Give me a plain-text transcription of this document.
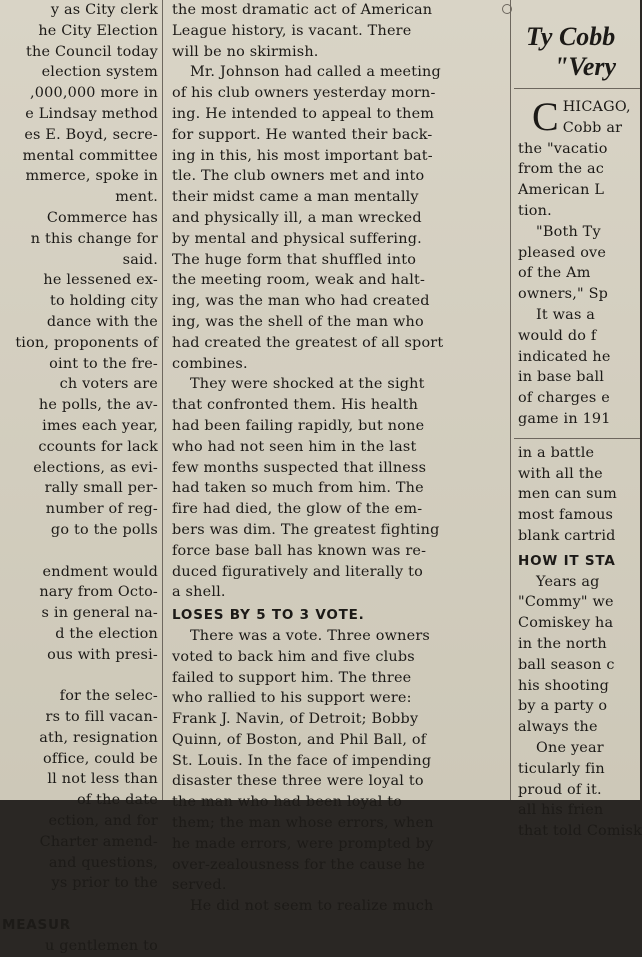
y as City clerk
he City Election
the Council today
election system
,000,000 more in
e Lindsay method
es E. Boyd, secre-
mental committee
mmerce, spoke in
ment.
Commerce has
n this change for
said.
he lessened ex-
to holding city
dance with the
tion, proponents of
oint to the fre-
ch voters are
he polls, the av-
imes each year,
ccounts for lack
elections, as evi-
rally small per-
number of reg-
go to the polls

endment would
nary from Octo-
s in general na-
d the election
ous with presi-

for the selec-
rs to fill vacan-
ath, resignation
office, could be
ll not less than
of the date
ection, and for
Charter amend-
and questions,
ys prior to the

MEASUR
u gentlemen to
the most dramatic act of American
League history, is vacant. There
will be no skirmish.
Mr. Johnson had called a meeting
of his club owners yesterday morn-
ing. He intended to appeal to them
for support. He wanted their back-
ing in this, his most important bat-
tle. The club owners met and into
their midst came a man mentally
and physically ill, a man wrecked
by mental and physical suffering.
The huge form that shuffled into
the meeting room, weak and halt-
ing, was the man who had created
ing, was the shell of the man who
had created the greatest of all sport
combines.
They were shocked at the sight
that confronted them. His health
had been failing rapidly, but none
who had not seen him in the last
few months suspected that illness
had taken so much from him. The
fire had died, the glow of the em-
bers was dim. The greatest fighting
force base ball has known was re-
duced figuratively and literally to
a shell.
LOSES BY 5 TO 3 VOTE.
There was a vote. Three owners
voted to back him and five clubs
failed to support him. The three
who rallied to his support were:
Frank J. Navin, of Detroit; Bobby
Quinn, of Boston, and Phil Ball, of
St. Louis. In the face of impending
disaster these three were loyal to
the man who had been loyal to
them; the man whose errors, when
he made errors, were prompted by
over-zealousness for the cause he
served.
He did not seem to realize much
Ty Cobb
"Very
C HICAGO,
Cobb ar
the "vacatio
from the ac
American L
tion.
"Both Ty
pleased ove
of the Am
owners," Sp
It was a
would do f
indicated he
in base ball
of charges e
game in 191
in a battle
with all the
men can sum
most famous
blank cartrid
HOW IT STA
Years ag
"Commy" we
Comiskey ha
in the north
ball season c
his shooting
by a party o
always the
One year
ticularly fin
proud of it.
all his frien
that told Comisk
